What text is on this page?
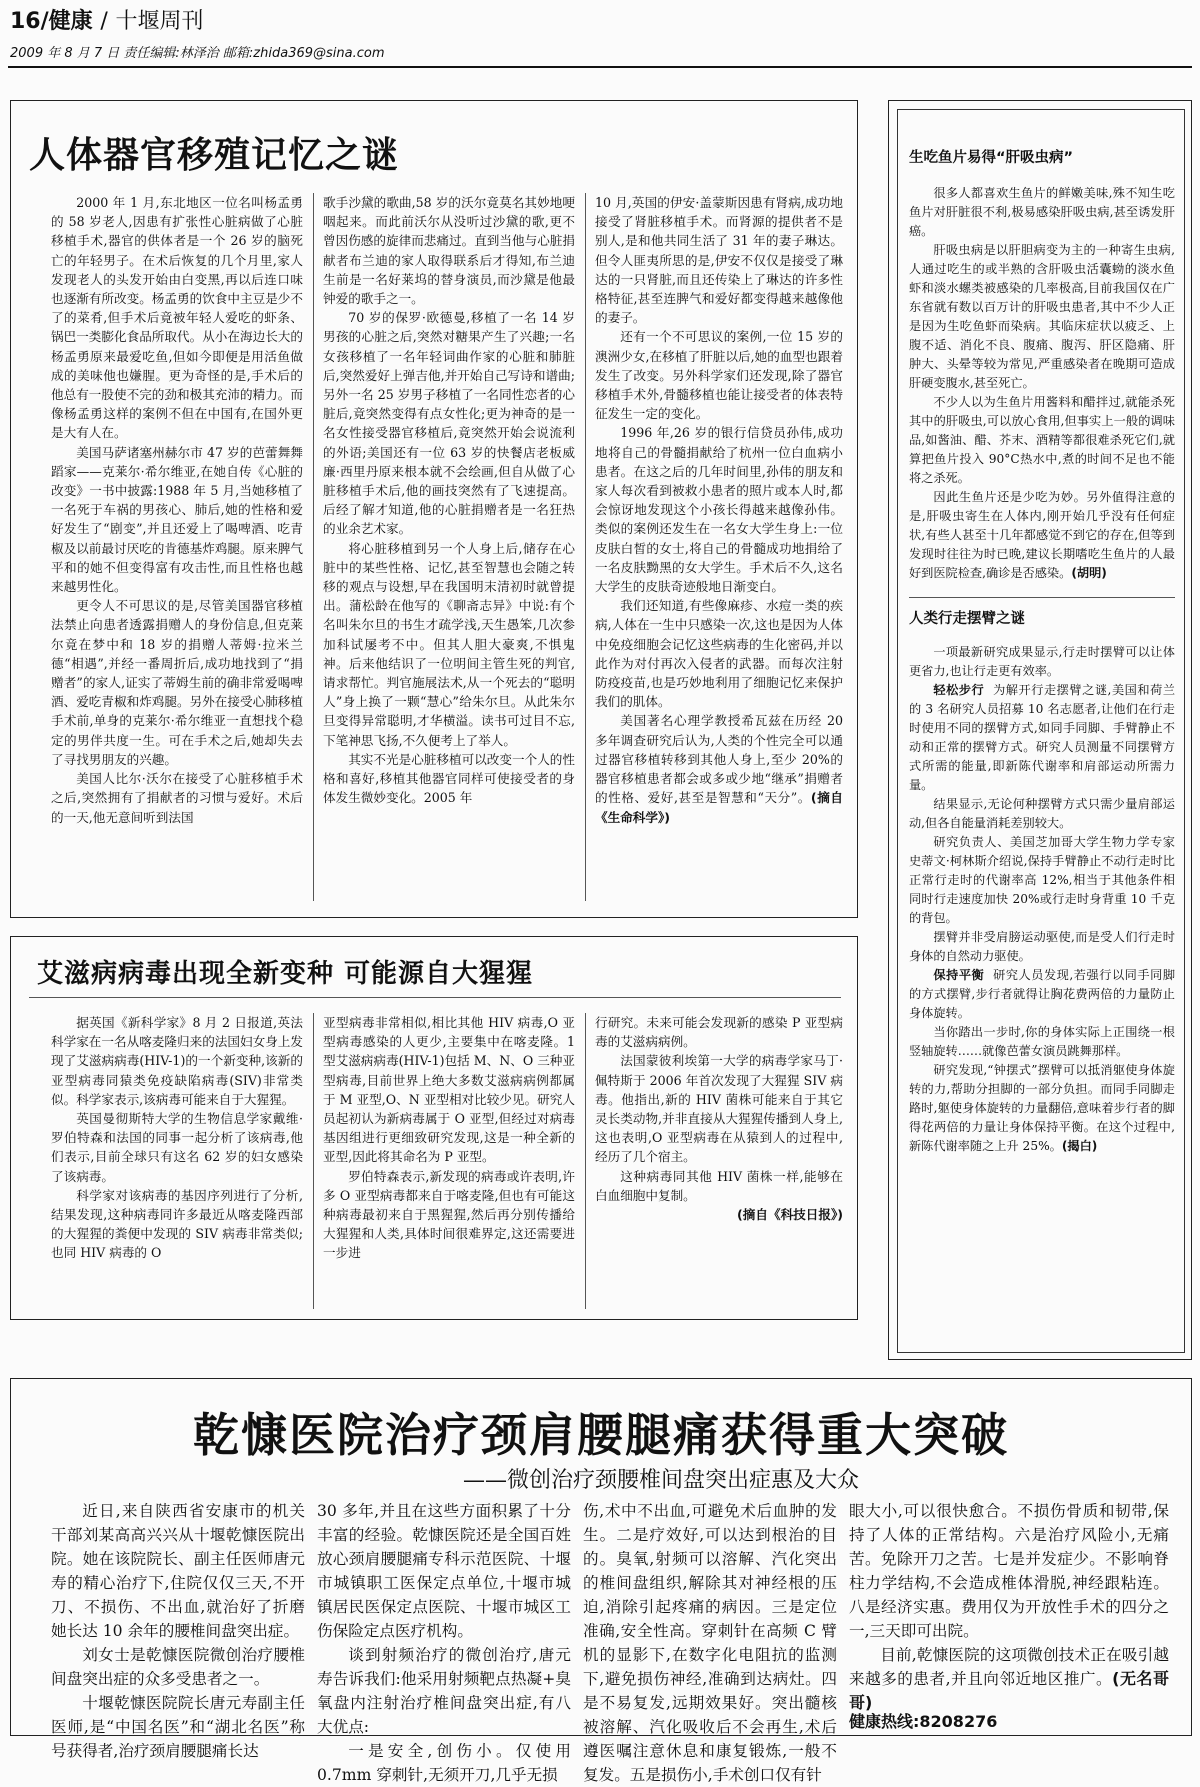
16/健康 / 十堰周刊
2009 年 8 月 7 日 责任编辑:林泽治 邮箱:zhida369@sina.com
人体器官移殖记忆之谜

2000 年 1 月,东北地区一位名叫杨孟勇的 58 岁老人,因患有扩张性心脏病做了心脏移植手术,器官的供体者是一个 26 岁的脑死亡的年轻男子。在术后恢复的几个月里,家人发现老人的头发开始由白变黑,再以后连口味也逐渐有所改变。杨孟勇的饮食中主豆是少不了的菜肴,但手术后竟被年轻人爱吃的虾条、锅巴一类膨化食品所取代。从小在海边长大的杨孟勇原来最爱吃鱼,但如今即便是用活鱼做成的美味他也嫌腥。更为奇怪的是,手术后的他总有一股使不完的劲和极其充沛的精力。而像杨孟勇这样的案例不但在中国有,在国外更是大有人在。

美国马萨诸塞州赫尔市 47 岁的芭蕾舞舞蹈家——克莱尔·希尔维亚,在她自传《心脏的改变》一书中披露:1988 年 5 月,当她移植了一名死于车祸的男孩心、肺后,她的性格和爱好发生了“剧变”,并且还爱上了喝啤酒、吃青椒及以前最讨厌吃的肯德基炸鸡腿。原来脾气平和的她不但变得富有攻击性,而且性格也越来越男性化。

更令人不可思议的是,尽管美国器官移植法禁止向患者透露捐赠人的身份信息,但克莱尔竟在梦中和 18 岁的捐赠人蒂姆·拉米兰德“相遇”,并经一番周折后,成功地找到了“捐赠者”的家人,证实了蒂姆生前的确非常爱喝啤酒、爱吃青椒和炸鸡腿。另外在接受心肺移植手术前,单身的克莱尔·希尔维亚一直想找个稳定的男伴共度一生。可在手术之后,她却失去了寻找男朋友的兴趣。

美国人比尔·沃尔在接受了心脏移植手术之后,突然拥有了捐献者的习惯与爱好。术后的一天,他无意间听到法国

歌手沙黛的歌曲,58 岁的沃尔竟莫名其妙地哽咽起来。而此前沃尔从没听过沙黛的歌,更不曾因伤感的旋律而悲痛过。直到当他与心脏捐献者布兰迪的家人取得联系后才得知,布兰迪生前是一名好莱坞的替身演员,而沙黛是他最钟爱的歌手之一。

70 岁的保罗·欧德曼,移植了一名 14 岁男孩的心脏之后,突然对糖果产生了兴趣;一名女孩移植了一名年轻词曲作家的心脏和肺脏后,突然爱好上弹吉他,并开始自己写诗和谱曲;另外一名 25 岁男子移植了一名同性恋者的心脏后,竟突然变得有点女性化;更为神奇的是一名女性接受器官移植后,竟突然开始会说流利的外语;美国还有一位 63 岁的快餐店老板威廉·西里丹原来根本就不会绘画,但自从做了心脏移植手术后,他的画技突然有了飞速提高。后经了解才知道,他的心脏捐赠者是一名狂热的业余艺术家。

将心脏移植到另一个人身上后,储存在心脏中的某些性格、记忆,甚至智慧也会随之转移的观点与设想,早在我国明末清初时就曾提出。蒲松龄在他写的《聊斋志异》中说:有个名叫朱尔旦的书生才疏学浅,天生愚笨,几次参加科试屡考不中。但其人胆大豪爽,不惧鬼神。后来他结识了一位明间主管生死的判官,请求帮忙。判官施展法术,从一个死去的“聪明人”身上换了一颗“慧心”给朱尔旦。从此朱尔旦变得异常聪明,才华横溢。读书可过目不忘,下笔神思飞扬,不久便考上了举人。

其实不光是心脏移植可以改变一个人的性格和喜好,移植其他器官同样可使接受者的身体发生微妙变化。2005 年

10 月,英国的伊安·盖蒙斯因患有肾病,成功地接受了肾脏移植手术。而肾源的提供者不是别人,是和他共同生活了 31 年的妻子琳达。但令人匪夷所思的是,伊安不仅仅是接受了琳达的一只肾脏,而且还传染上了琳达的许多性格特征,甚至连脾气和爱好都变得越来越像他的妻子。

还有一个不可思议的案例,一位 15 岁的澳洲少女,在移植了肝脏以后,她的血型也跟着发生了改变。另外科学家们还发现,除了器官移植手术外,骨髓移植也能让接受者的体表特征发生一定的变化。

1996 年,26 岁的银行信贷员孙伟,成功地将自己的骨髓捐献给了杭州一位白血病小患者。在这之后的几年时间里,孙伟的朋友和家人每次看到被救小患者的照片或本人时,都会惊讶地发现这个小孩长得越来越像孙伟。类似的案例还发生在一名女大学生身上:一位皮肤白皙的女士,将自己的骨髓成功地捐给了一名皮肤黝黑的女大学生。手术后不久,这名大学生的皮肤奇迹般地日渐变白。

我们还知道,有些像麻疹、水痘一类的疾病,人体在一生中只感染一次,这也是因为人体中免疫细胞会记忆这些病毒的生化密码,并以此作为对付再次入侵者的武器。而每次注射防疫疫苗,也是巧妙地利用了细胞记忆来保护我们的肌体。

美国著名心理学教授希瓦兹在历经 20 多年调查研究后认为,人类的个性完全可以通过器官移植转移到其他人身上,至少 20%的器官移植患者都会或多或少地“继承”捐赠者的性格、爱好,甚至是智慧和“天分”。(摘自《生命科学》)

艾滋病病毒出现全新变种 可能源自大猩猩

据英国《新科学家》8 月 2 日报道,英法科学家在一名从喀麦隆归来的法国妇女身上发现了艾滋病病毒(HIV-1)的一个新变种,该新的亚型病毒同猿类免疫缺陷病毒(SIV)非常类似。科学家表示,该病毒可能来自于大猩猩。

英国曼彻斯特大学的生物信息学家戴维·罗伯特森和法国的同事一起分析了该病毒,他们表示,目前全球只有这名 62 岁的妇女感染了该病毒。

科学家对该病毒的基因序列进行了分析,结果发现,这种病毒同许多最近从喀麦隆西部的大猩猩的粪便中发现的 SIV 病毒非常类似;也同 HIV 病毒的 O

亚型病毒非常相似,相比其他 HIV 病毒,O 亚型病毒感染的人更少,主要集中在喀麦隆。1 型艾滋病病毒(HIV-1)包括 M、N、O 三种亚型病毒,目前世界上绝大多数艾滋病病例都属于 M 亚型,O、N 亚型相对比较少见。研究人员起初认为新病毒属于 O 亚型,但经过对病毒基因组进行更细致研究发现,这是一种全新的亚型,因此将其命名为 P 亚型。

罗伯特森表示,新发现的病毒或许表明,许多 O 亚型病毒都来自于喀麦隆,但也有可能这种病毒最初来自于黑猩猩,然后再分别传播给大猩猩和人类,具体时间很难界定,这还需要进一步进

行研究。未来可能会发现新的感染 P 亚型病毒的艾滋病病例。

法国蒙彼利埃第一大学的病毒学家马丁·佩特斯于 2006 年首次发现了大猩猩 SIV 病毒。他指出,新的 HIV 菌株可能来自于其它灵长类动物,并非直接从大猩猩传播到人身上,这也表明,O 亚型病毒在从猿到人的过程中,经历了几个宿主。

这种病毒同其他 HIV 菌株一样,能够在白血细胞中复制。

(摘自《科技日报》)

生吃鱼片易得“肝吸虫病”

很多人都喜欢生鱼片的鲜嫩美味,殊不知生吃鱼片对肝脏很不利,极易感染肝吸虫病,甚至诱发肝癌。

肝吸虫病是以肝胆病变为主的一种寄生虫病,人通过吃生的或半熟的含肝吸虫活囊蚴的淡水鱼虾和淡水螺类被感染的几率极高,目前我国仅在广东省就有数以百万计的肝吸虫患者,其中不少人正是因为生吃鱼虾而染病。其临床症状以疲乏、上腹不适、消化不良、腹痛、腹泻、肝区隐痛、肝肿大、头晕等较为常见,严重感染者在晚期可造成肝硬变腹水,甚至死亡。

不少人以为生鱼片用酱料和醋拌过,就能杀死其中的肝吸虫,可以放心食用,但事实上一般的调味品,如酱油、醋、芥末、酒精等都很难杀死它们,就算把鱼片投入 90°C热水中,煮的时间不足也不能将之杀死。

因此生鱼片还是少吃为妙。另外值得注意的是,肝吸虫寄生在人体内,刚开始几乎没有任何症状,有些人甚至十几年都感觉不到它的存在,但等到发现时往往为时已晚,建议长期嗜吃生鱼片的人最好到医院检查,确诊是否感染。(胡明)

人类行走摆臂之谜

一项最新研究成果显示,行走时摆臂可以让体更省力,也让行走更有效率。

轻松步行 为解开行走摆臂之谜,美国和荷兰的 3 名研究人员招募 10 名志愿者,让他们在行走时使用不同的摆臂方式,如同手同脚、手臂静止不动和正常的摆臂方式。研究人员测量不同摆臂方式所需的能量,即新陈代谢率和肩部运动所需力量。

结果显示,无论何种摆臂方式只需少量肩部运动,但各自能量消耗差别较大。

研究负责人、美国芝加哥大学生物力学专家史蒂文·柯林斯介绍说,保持手臂静止不动行走时比正常行走时的代谢率高 12%,相当于其他条件相同时行走速度加快 20%或行走时身背重 10 千克的背包。

摆臂并非受肩膀运动驱使,而是受人们行走时身体的自然动力驱使。

保持平衡 研究人员发现,若强行以同手同脚的方式摆臂,步行者就得让胸花费两倍的力量防止身体旋转。

当你踏出一步时,你的身体实际上正围绕一根竖轴旋转……就像芭蕾女演员跳舞那样。

研究发现,“钟摆式”摆臂可以抵消躯使身体旋转的力,帮助分担脚的一部分负担。而同手同脚走路时,躯使身体旋转的力量翻倍,意味着步行者的脚得花两倍的力量让身体保持平衡。在这个过程中,新陈代谢率随之上升 25%。(揭白)

乾慷医院治疗颈肩腰腿痛获得重大突破
——微创治疗颈腰椎间盘突出症惠及大众

近日,来自陕西省安康市的机关干部刘某高高兴兴从十堰乾慷医院出院。她在该院院长、副主任医师唐元寿的精心治疗下,住院仅仅三天,不开刀、不损伤、不出血,就治好了折磨她长达 10 余年的腰椎间盘突出症。

刘女士是乾慷医院微创治疗腰椎间盘突出症的众多受患者之一。

十堰乾慷医院院长唐元寿副主任医师,是“中国名医”和“湖北名医”称号获得者,治疗颈肩腰腿痛长达

30 多年,并且在这些方面积累了十分丰富的经验。乾慷医院还是全国百姓放心颈肩腰腿痛专科示范医院、十堰市城镇职工医保定点单位,十堰市城镇居民医保定点医院、十堰市城区工伤保险定点医疗机构。

谈到射频治疗的微创治疗,唐元寿告诉我们:他采用射频靶点热凝+臭氧盘内注射治疗椎间盘突出症,有八大优点:

一是安全,创伤小。仅使用 0.7mm 穿刺针,无须开刀,几乎无损

伤,术中不出血,可避免术后血肿的发生。二是疗效好,可以达到根治的目的。臭氧,射频可以溶解、汽化突出的椎间盘组织,解除其对神经根的压迫,消除引起疼痛的病因。三是定位准确,安全性高。穿刺针在高频 C 臂机的显影下,在数字化电阻抗的监测下,避免损伤神经,准确到达病灶。四是不易复发,远期效果好。突出髓核被溶解、汽化吸收后不会再生,术后遵医嘱注意休息和康复锻炼,一般不复发。五是损伤小,手术创口仅有针

眼大小,可以很快愈合。不损伤骨质和韧带,保持了人体的正常结构。六是治疗风险小,无痛苦。免除开刀之苦。七是并发症少。不影响脊柱力学结构,不会造成椎体滑脱,神经跟粘连。八是经济实惠。费用仅为开放性手术的四分之一,三天即可出院。

目前,乾慷医院的这项微创技术正在吸引越来越多的患者,并且向邻近地区推广。(无名哥哥)

健康热线:8208276
